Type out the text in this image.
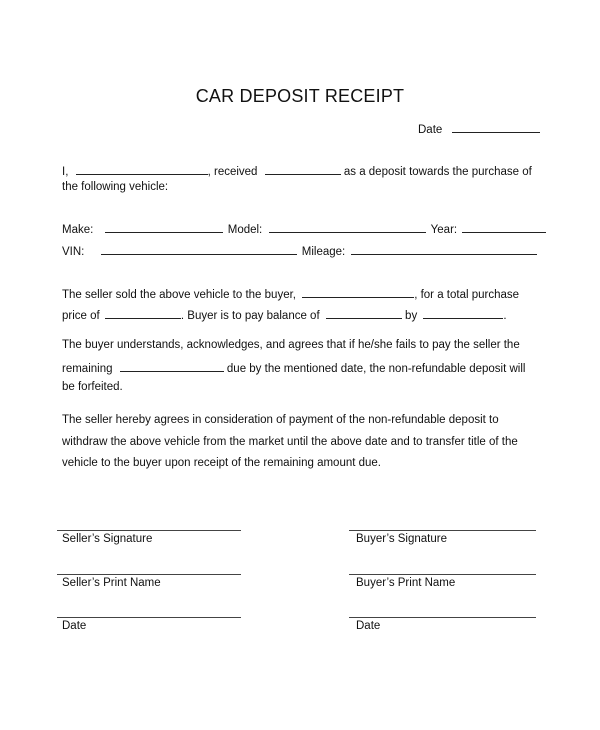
CAR DEPOSIT RECEIPT
Date
I,	, received	as a deposit towards the purchase of
the following vehicle:
Make:	Model:	Year:
VIN:	Mileage:
The seller sold the above vehicle to the buyer,	, for a total purchase
price of	. Buyer is to pay balance of	by	.
The buyer understands, acknowledges, and agrees that if he/she fails to pay the seller the
remaining	due by the mentioned date, the non-refundable deposit will
be forfeited.
The seller hereby agrees in consideration of payment of the non-refundable deposit to
withdraw the above vehicle from the market until the above date and to transfer title of the
vehicle to the buyer upon receipt of the remaining amount due.
Seller’s Signature
Seller’s Print Name
Date
Buyer’s Signature
Buyer’s Print Name
Date
